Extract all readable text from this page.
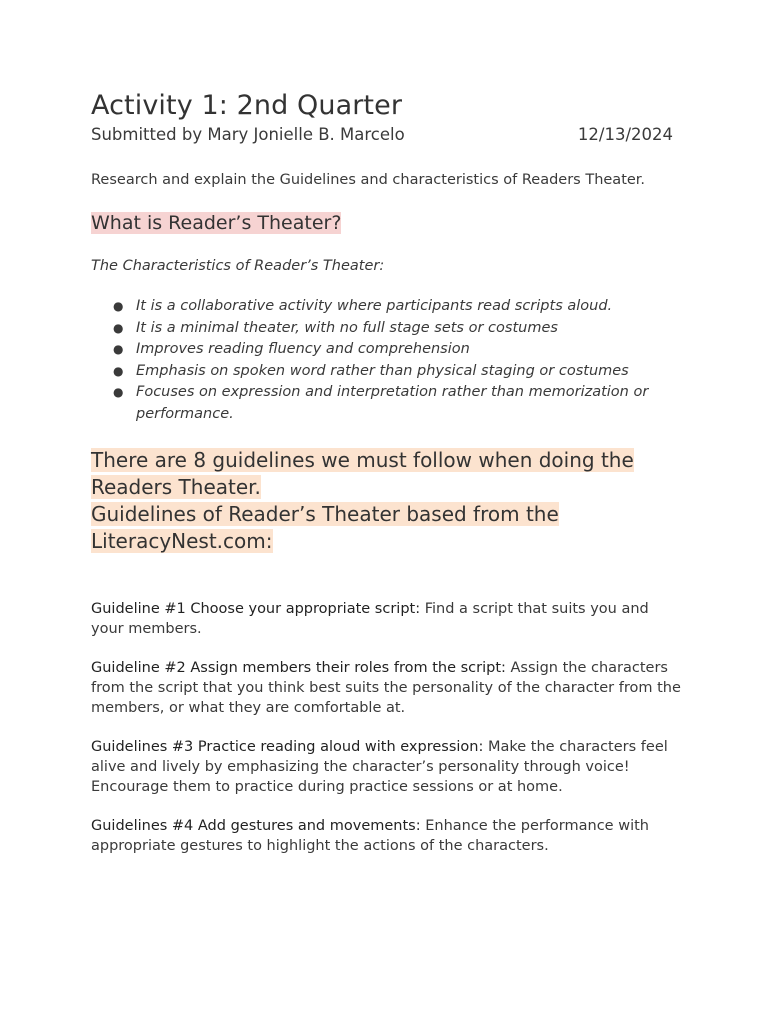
Activity 1: 2nd Quarter
Submitted by Mary Jonielle B. Marcelo	12/13/2024

Research and explain the Guidelines and characteristics of Readers Theater.

What is Reader’s Theater?

The Characteristics of Reader’s Theater:

● It is a collaborative activity where participants read scripts aloud.
● It is a minimal theater, with no full stage sets or costumes
● Improves reading fluency and comprehension
● Emphasis on spoken word rather than physical staging or costumes
● Focuses on expression and interpretation rather than memorization or performance.
There are 8 guidelines we must follow when doing the Readers Theater.
Guidelines of Reader’s Theater based from the LiteracyNest.com:

Guideline #1 Choose your appropriate script: Find a script that suits you and your members.

Guideline #2 Assign members their roles from the script: Assign the characters from the script that you think best suits the personality of the character from the members, or what they are comfortable at.

Guidelines #3 Practice reading aloud with expression: Make the characters feel alive and lively by emphasizing the character’s personality through voice! Encourage them to practice during practice sessions or at home.

Guidelines #4 Add gestures and movements: Enhance the performance with appropriate gestures to highlight the actions of the characters.
